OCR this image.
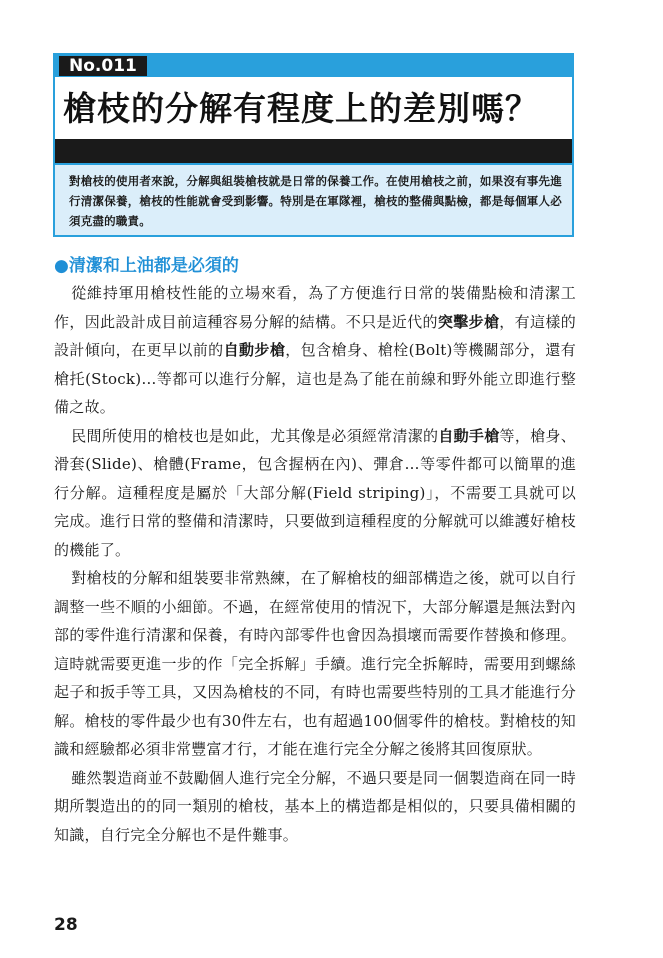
No.011
槍枝的分解有程度上的差別嗎？
對槍枝的使用者來說，分解與組裝槍枝就是日常的保養工作。在使用槍枝之前，如果沒有事先進行清潔保養，槍枝的性能就會受到影響。特別是在軍隊裡，槍枝的整備與點檢，都是每個軍人必須克盡的職責。
●清潔和上油都是必須的

從維持軍用槍枝性能的立場來看，為了方便進行日常的裝備點檢和清潔工作，因此設計成目前這種容易分解的結構。不只是近代的突擊步槍，有這樣的設計傾向，在更早以前的自動步槍，包含槍身、槍栓(Bolt)等機關部分，還有槍托(Stock)…等都可以進行分解，這也是為了能在前線和野外能立即進行整備之故。

民間所使用的槍枝也是如此，尤其像是必須經常清潔的自動手槍等，槍身、滑套(Slide)、槍體(Frame，包含握柄在內)、彈倉…等零件都可以簡單的進行分解。這種程度是屬於「大部分解(Field striping)」，不需要工具就可以完成。進行日常的整備和清潔時，只要做到這種程度的分解就可以維護好槍枝的機能了。

對槍枝的分解和組裝要非常熟練，在了解槍枝的細部構造之後，就可以自行調整一些不順的小細節。不過，在經常使用的情況下，大部分解還是無法對內部的零件進行清潔和保養，有時內部零件也會因為損壞而需要作替換和修理。這時就需要更進一步的作「完全拆解」手續。進行完全拆解時，需要用到螺絲起子和扳手等工具，又因為槍枝的不同，有時也需要些特別的工具才能進行分解。槍枝的零件最少也有30件左右，也有超過100個零件的槍枝。對槍枝的知識和經驗都必須非常豐富才行，才能在進行完全分解之後將其回復原狀。

雖然製造商並不鼓勵個人進行完全分解，不過只要是同一個製造商在同一時期所製造出的的同一類別的槍枝，基本上的構造都是相似的，只要具備相關的知識，自行完全分解也不是件難事。

28
